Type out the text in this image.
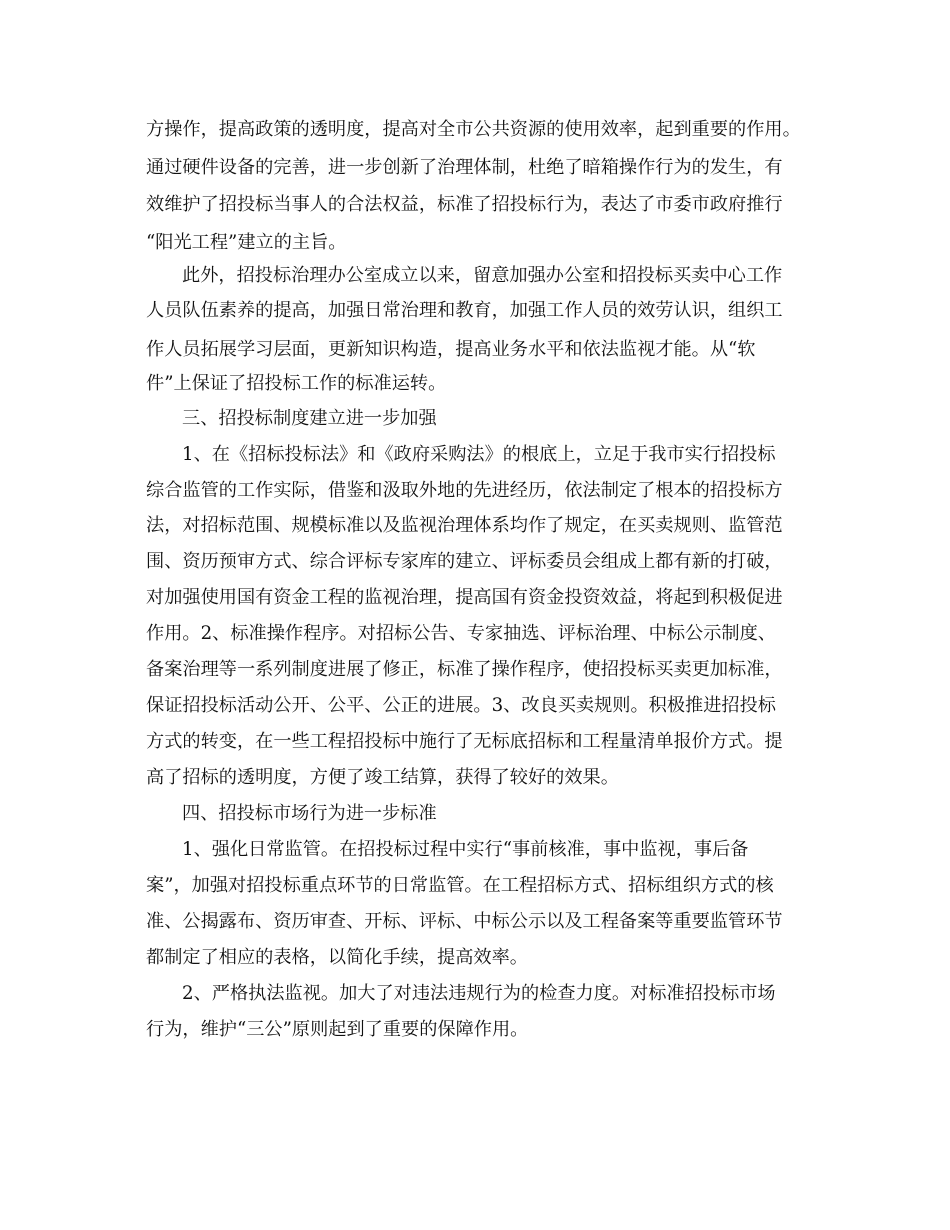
方操作，提高政策的透明度，提高对全市公共资源的使用效率，起到重要的作用。

通过硬件设备的完善，进一步创新了治理体制，杜绝了暗箱操作行为的发生，有

效维护了招投标当事人的合法权益，标准了招投标行为，表达了市委市政府推行

“阳光工程”建立的主旨。

此外，招投标治理办公室成立以来，留意加强办公室和招投标买卖中心工作

人员队伍素养的提高，加强日常治理和教育，加强工作人员的效劳认识，组织工

作人员拓展学习层面，更新知识构造，提高业务水平和依法监视才能。从“软

件”上保证了招投标工作的标准运转。

三、招投标制度建立进一步加强

1、在《招标投标法》和《政府采购法》的根底上，立足于我市实行招投标

综合监管的工作实际，借鉴和汲取外地的先进经历，依法制定了根本的招投标方

法，对招标范围、规模标准以及监视治理体系均作了规定，在买卖规则、监管范

围、资历预审方式、综合评标专家库的建立、评标委员会组成上都有新的打破，

对加强使用国有资金工程的监视治理，提高国有资金投资效益，将起到积极促进

作用。2、标准操作程序。对招标公告、专家抽选、评标治理、中标公示制度、

备案治理等一系列制度进展了修正，标准了操作程序，使招投标买卖更加标准，

保证招投标活动公开、公平、公正的进展。3、改良买卖规则。积极推进招投标

方式的转变，在一些工程招投标中施行了无标底招标和工程量清单报价方式。提

高了招标的透明度，方便了竣工结算，获得了较好的效果。

四、招投标市场行为进一步标准

1、强化日常监管。在招投标过程中实行“事前核准，事中监视，事后备

案”，加强对招投标重点环节的日常监管。在工程招标方式、招标组织方式的核

准、公揭露布、资历审查、开标、评标、中标公示以及工程备案等重要监管环节

都制定了相应的表格，以简化手续，提高效率。

2、严格执法监视。加大了对违法违规行为的检查力度。对标准招投标市场

行为，维护“三公”原则起到了重要的保障作用。
